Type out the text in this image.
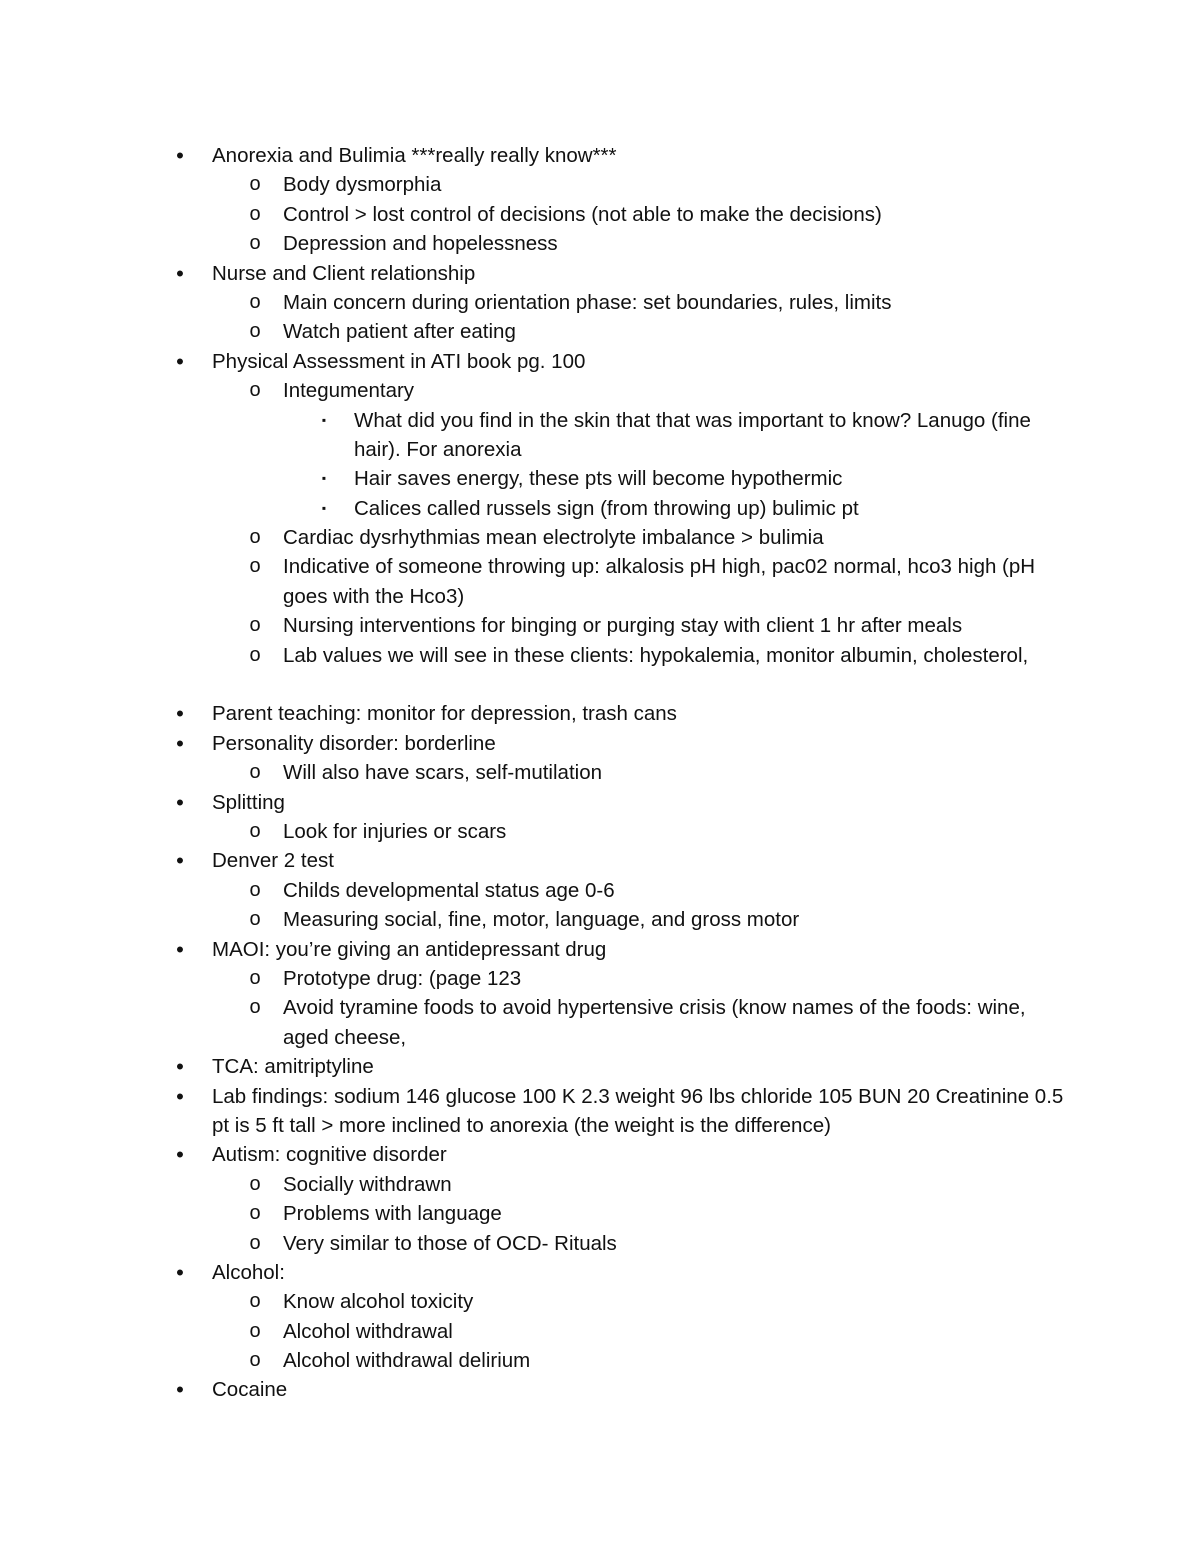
•	Anorexia and Bulimia ***really really know***
o Body dysmorphia
o Control > lost control of decisions (not able to make the decisions)
o Depression and hopelessness
•	Nurse and Client relationship
o Main concern during orientation phase: set boundaries, rules, limits
o Watch patient after eating
•	Physical Assessment in ATI book pg. 100
o Integumentary
▪	What did you find in the skin that that was important to know? Lanugo (fine hair). For anorexia
▪	Hair saves energy, these pts will become hypothermic
▪	Calices called russels sign (from throwing up) bulimic pt
o Cardiac dysrhythmias mean electrolyte imbalance > bulimia
o Indicative of someone throwing up: alkalosis pH high, pac02 normal, hco3 high (pH goes with the Hco3)
o Nursing interventions for binging or purging stay with client 1 hr after meals
o Lab values we will see in these clients: hypokalemia, monitor albumin, cholesterol,
•	Parent teaching: monitor for depression, trash cans
•	Personality disorder: borderline
o Will also have scars, self-mutilation
•	Splitting
o Look for injuries or scars
•	Denver 2 test
o Childs developmental status age 0-6
o Measuring social, fine, motor, language, and gross motor
•	MAOI: you’re giving an antidepressant drug
o Prototype drug: (page 123
o Avoid tyramine foods to avoid hypertensive crisis (know names of the foods: wine, aged cheese,
•	TCA: amitriptyline
•	Lab findings: sodium 146 glucose 100 K 2.3 weight 96 lbs chloride 105 BUN 20 Creatinine 0.5 pt is 5 ft tall > more inclined to anorexia (the weight is the difference)
•	Autism: cognitive disorder
o Socially withdrawn
o Problems with language
o Very similar to those of OCD- Rituals
•	Alcohol:
o Know alcohol toxicity
o Alcohol withdrawal
o Alcohol withdrawal delirium
•	Cocaine
